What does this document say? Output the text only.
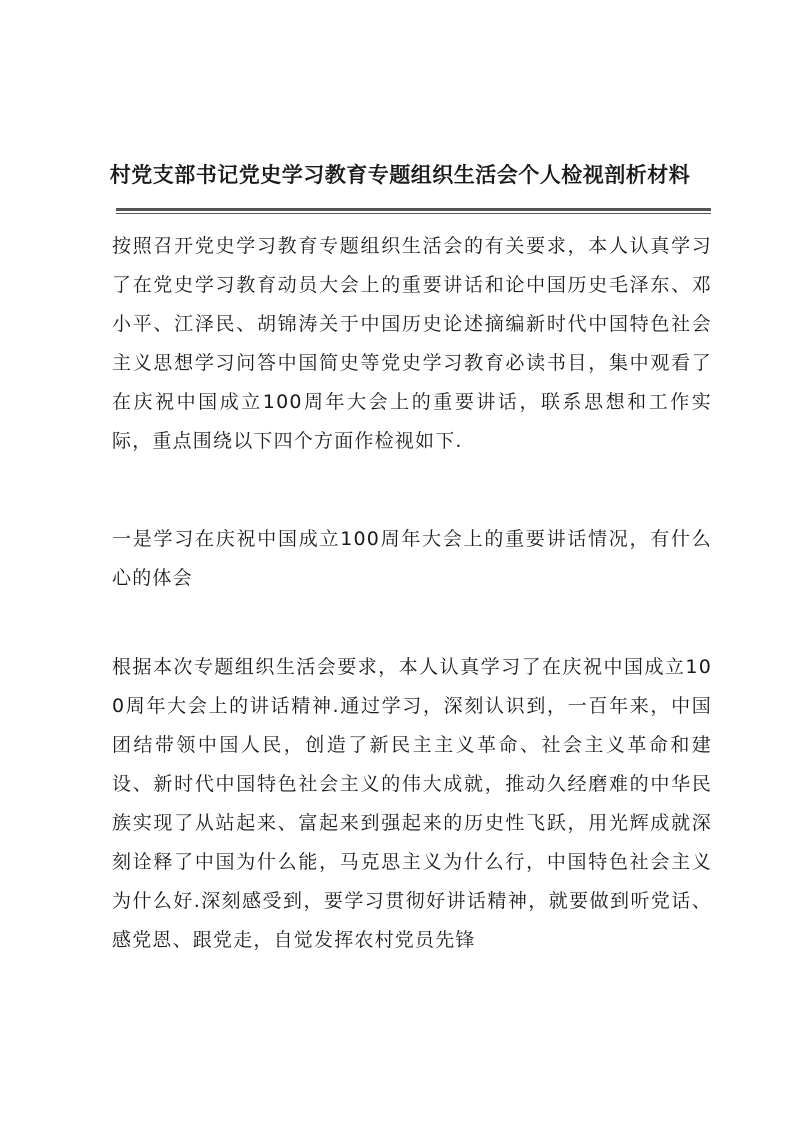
村党支部书记党史学习教育专题组织生活会个人检视剖析材料
按照召开党史学习教育专题组织生活会的有关要求，本人认真学习了在党史学习教育动员大会上的重要讲话和论中国历史毛泽东、邓小平、江泽民、胡锦涛关于中国历史论述摘编新时代中国特色社会主义思想学习问答中国简史等党史学习教育必读书目，集中观看了在庆祝中国成立100周年大会上的重要讲话，联系思想和工作实际，重点围绕以下四个方面作检视如下.
一是学习在庆祝中国成立100周年大会上的重要讲话情况，有什么心的体会
根据本次专题组织生活会要求，本人认真学习了在庆祝中国成立100周年大会上的讲话精神.通过学习，深刻认识到，一百年来，中国团结带领中国人民，创造了新民主主义革命、社会主义革命和建设、新时代中国特色社会主义的伟大成就，推动久经磨难的中华民族实现了从站起来、富起来到强起来的历史性飞跃，用光辉成就深刻诠释了中国为什么能，马克思主义为什么行，中国特色社会主义为什么好.深刻感受到，要学习贯彻好讲话精神，就要做到听党话、感党恩、跟党走，自觉发挥农村党员先锋
